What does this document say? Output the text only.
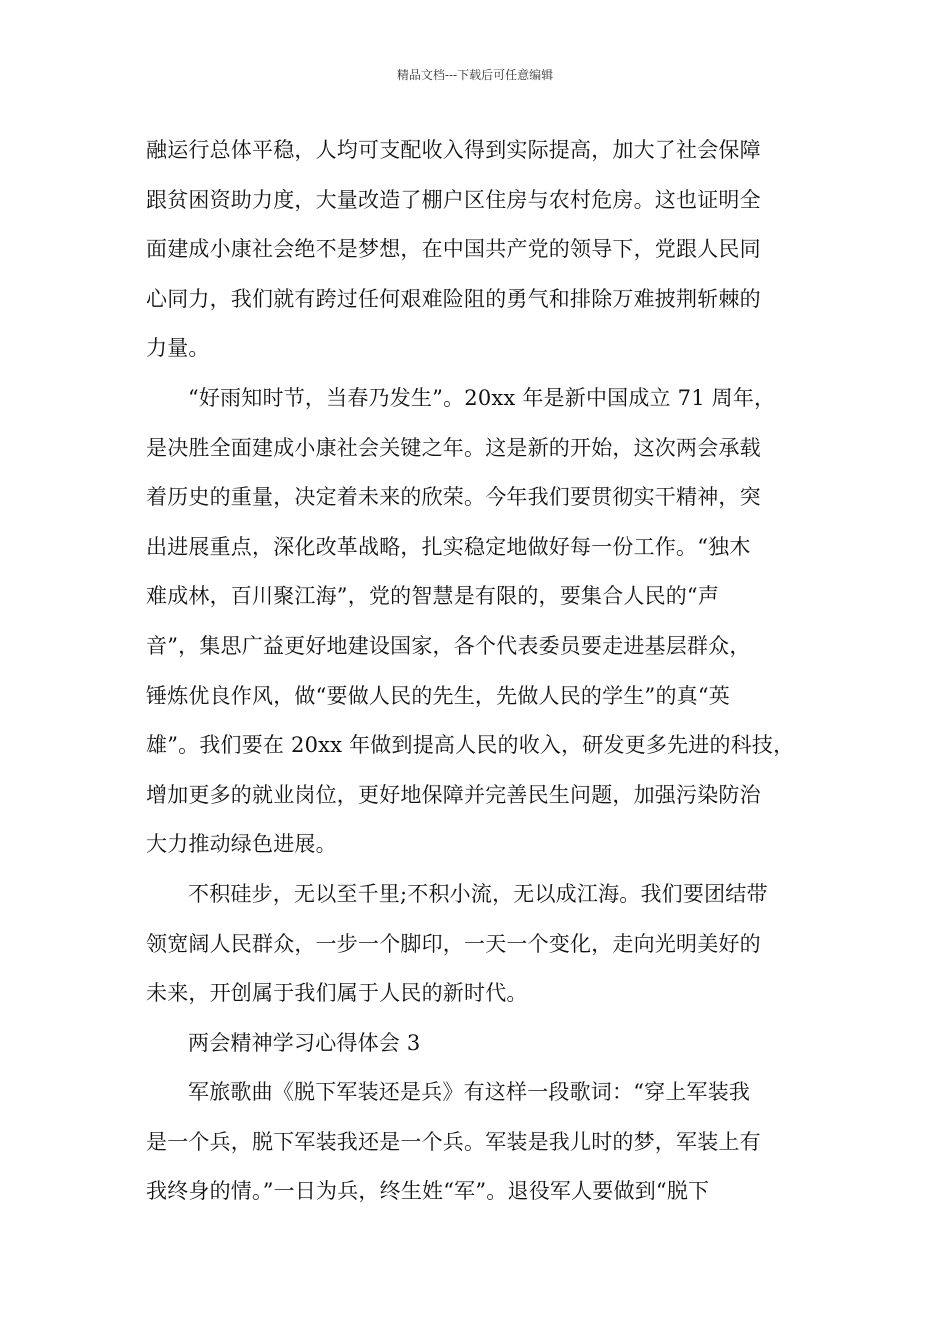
精品文档---下载后可任意编辑
融运行总体平稳，人均可支配收入得到实际提高，加大了社会保障
跟贫困资助力度，大量改造了棚户区住房与农村危房。这也证明全
面建成小康社会绝不是梦想，在中国共产党的领导下，党跟人民同
心同力，我们就有跨过任何艰难险阻的勇气和排除万难披荆斩棘的
力量。
“好雨知时节，当春乃发生”。20xx 年是新中国成立 71 周年，
是决胜全面建成小康社会关键之年。这是新的开始，这次两会承载
着历史的重量，决定着未来的欣荣。今年我们要贯彻实干精神，突
出进展重点，深化改革战略，扎实稳定地做好每一份工作。“独木
难成林，百川聚江海”，党的智慧是有限的，要集合人民的“声
音”，集思广益更好地建设国家，各个代表委员要走进基层群众，
锤炼优良作风，做“要做人民的先生，先做人民的学生”的真“英
雄”。我们要在 20xx 年做到提高人民的收入，研发更多先进的科技，
增加更多的就业岗位，更好地保障并完善民生问题，加强污染防治
大力推动绿色进展。
不积硅步，无以至千里;不积小流，无以成江海。我们要团结带
领宽阔人民群众，一步一个脚印，一天一个变化，走向光明美好的
未来，开创属于我们属于人民的新时代。
两会精神学习心得体会 3
军旅歌曲《脱下军装还是兵》有这样一段歌词：“穿上军装我
是一个兵，脱下军装我还是一个兵。军装是我儿时的梦，军装上有
我终身的情。”一日为兵，终生姓“军”。退役军人要做到“脱下
